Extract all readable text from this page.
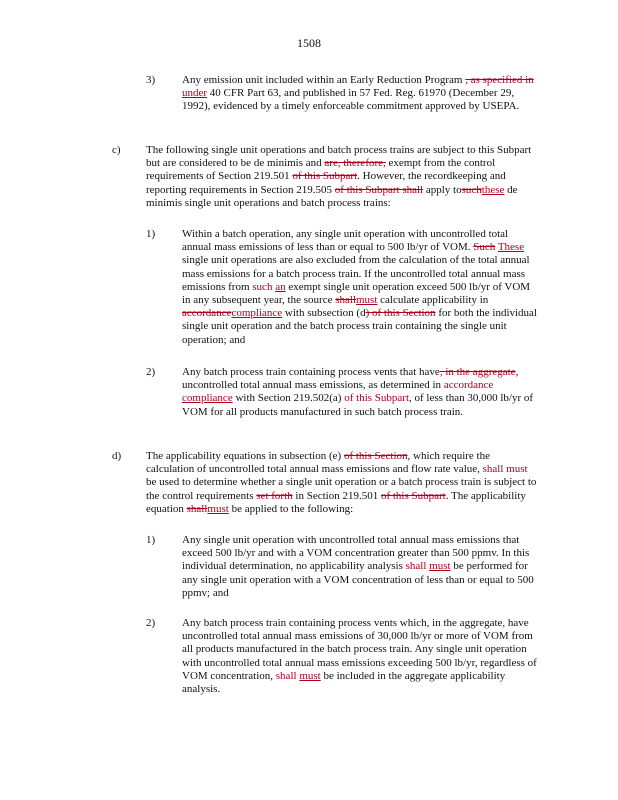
1508
3) Any emission unit included within an Early Reduction Program , as specified in under 40 CFR Part 63, and published in 57 Fed. Reg. 61970 (December 29, 1992), evidenced by a timely enforceable commitment approved by USEPA.
c) The following single unit operations and batch process trains are subject to this Subpart but are considered to be de minimis and are, therefore, exempt from the control requirements of Section 219.501 of this Subpart. However, the recordkeeping and reporting requirements in Section 219.505 of this Subpart shall apply tosuchthese de minimis single unit operations and batch process trains:
1) Within a batch operation, any single unit operation with uncontrolled total annual mass emissions of less than or equal to 500 lb/yr of VOM. Such These single unit operations are also excluded from the calculation of the total annual mass emissions for a batch process train. If the uncontrolled total annual mass emissions from such an exempt single unit operation exceed 500 lb/yr of VOM in any subsequent year, the source shallmust calculate applicability in accordancecompliance with subsection (d) of this Section for both the individual single unit operation and the batch process train containing the single unit operation; and
2) Any batch process train containing process vents that have, in the aggregate, uncontrolled total annual mass emissions, as determined in accordance compliance with Section 219.502(a) of this Subpart, of less than 30,000 lb/yr of VOM for all products manufactured in such batch process train.
d) The applicability equations in subsection (e) of this Section, which require the calculation of uncontrolled total annual mass emissions and flow rate value, shall must be used to determine whether a single unit operation or a batch process train is subject to the control requirements set forth in Section 219.501 of this Subpart. The applicability equation shallmust be applied to the following:
1) Any single unit operation with uncontrolled total annual mass emissions that exceed 500 lb/yr and with a VOM concentration greater than 500 ppmv. In this individual determination, no applicability analysis shall must be performed for any single unit operation with a VOM concentration of less than or equal to 500 ppmv; and
2) Any batch process train containing process vents which, in the aggregate, have uncontrolled total annual mass emissions of 30,000 lb/yr or more of VOM from all products manufactured in the batch process train. Any single unit operation with uncontrolled total annual mass emissions exceeding 500 lb/yr, regardless of VOM concentration, shall must be included in the aggregate applicability analysis.
